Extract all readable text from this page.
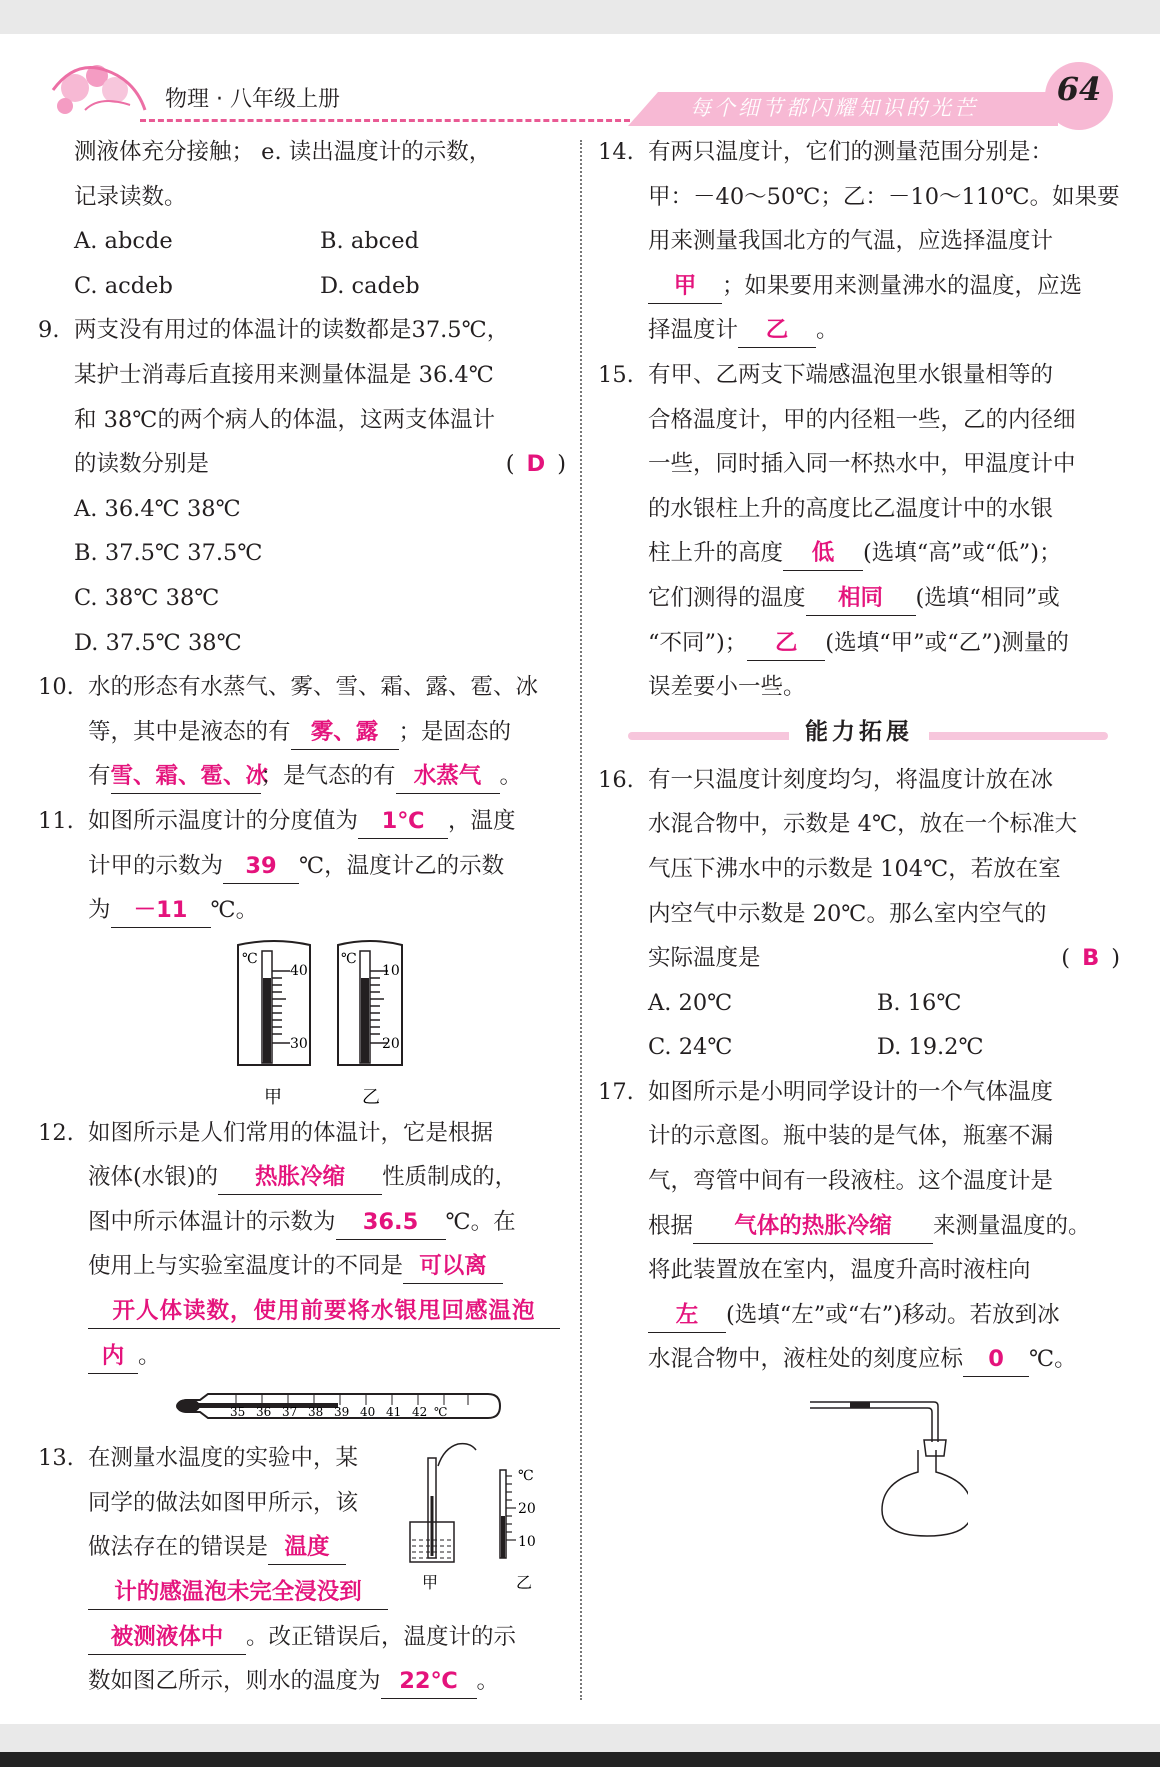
物理 · 八年级上册	每个细节都闪耀知识的光芒	64
测液体充分接触； e. 读出温度计的示数，
记录读数。
A. abcde	B. abced
C. acdeb	D. cadeb
9. 两支没有用过的体温计的读数都是37.5℃，
某护士消毒后直接用来测量体温是 36.4℃
和 38℃的两个病人的体温，这两支体温计
的读数分别是	( D )
A. 36.4℃ 38℃
B. 37.5℃ 37.5℃
C. 38℃ 38℃
D. 37.5℃ 38℃
10. 水的形态有水蒸气、雾、雪、霜、露、雹、冰
等，其中是液态的有 雾、露 ；是固态的
有雪、霜、雹、冰；是气态的有 水蒸气 。
11. 如图所示温度计的分度值为 1℃ ，温度
计甲的示数为 39 ℃，温度计乙的示数
为 －11 ℃。
℃
40
30
甲
℃
10
20
乙
12. 如图所示是人们常用的体温计，它是根据
液体(水银)的 热胀冷缩 性质制成的，
图中所示体温计的示数为 36.5 ℃。在
使用上与实验室温度计的不同是 可以离
开人体读数，使用前要将水银甩回感温泡
内 。
35 36 37 38 39 40 41 42 ℃
13. 在测量水温度的实验中，某
同学的做法如图甲所示，该
做法存在的错误是 温度
计的感温泡未完全浸没到
被测液体中 。改正错误后，温度计的示
数如图乙所示，则水的温度为 22℃ 。
甲
℃
20
10
乙
14. 有两只温度计，它们的测量范围分别是：
甲：－40～50℃；乙：－10～110℃。如果要
用来测量我国北方的气温，应选择温度计
甲 ；如果要用来测量沸水的温度，应选
择温度计 乙 。
15. 有甲、乙两支下端感温泡里水银量相等的
合格温度计，甲的内径粗一些，乙的内径细
一些，同时插入同一杯热水中，甲温度计中
的水银柱上升的高度比乙温度计中的水银
柱上升的高度 低 (选填“高”或“低”)；
它们测得的温度 相同 (选填“相同”或
“不同”)； 乙 (选填“甲”或“乙”)测量的
误差要小一些。
能力拓展
16. 有一只温度计刻度均匀，将温度计放在冰
水混合物中，示数是 4℃，放在一个标准大
气压下沸水中的示数是 104℃，若放在室
内空气中示数是 20℃。那么室内空气的
实际温度是	( B )
A. 20℃	B. 16℃
C. 24℃	D. 19.2℃
17. 如图所示是小明同学设计的一个气体温度
计的示意图。瓶中装的是气体，瓶塞不漏
气，弯管中间有一段液柱。这个温度计是
根据 气体的热胀冷缩 来测量温度的。
将此装置放在室内，温度升高时液柱向
左 (选填“左”或“右”)移动。若放到冰
水混合物中，液柱处的刻度应标 0 ℃。
